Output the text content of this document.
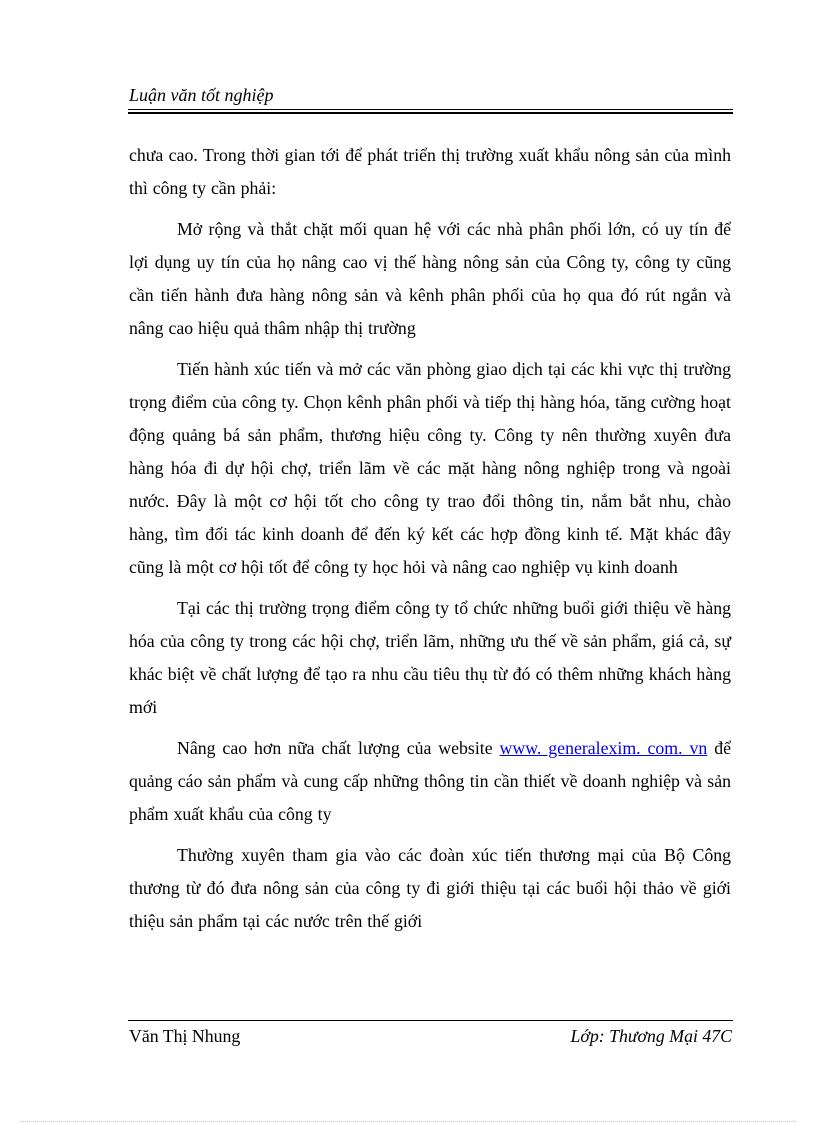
Luận văn tốt nghiệp

chưa cao. Trong thời gian tới để phát triển thị trường xuất khẩu nông sản của mình thì công ty cần phải:

Mở rộng và thắt chặt mối quan hệ với các nhà phân phối lớn, có uy tín để lợi dụng uy tín của họ nâng cao vị thế hàng nông sản của Công ty, công ty cũng cần tiến hành đưa hàng nông sản và kênh phân phối của họ qua đó rút ngắn và nâng cao hiệu quả thâm nhập thị trường

Tiến hành xúc tiến và mở các văn phòng giao dịch tại các khi vực thị trường trọng điểm của công ty. Chọn kênh phân phối và tiếp thị hàng hóa, tăng cường hoạt động quảng bá sản phẩm, thương hiệu công ty. Công ty nên thường xuyên đưa hàng hóa đi dự hội chợ, triển lãm về các mặt hàng nông nghiệp trong và ngoài nước. Đây là một cơ hội tốt cho công ty trao đổi thông tin, nắm bắt nhu, chào hàng, tìm đối tác kinh doanh để đến ký kết các hợp đồng kinh tế. Mặt khác đây cũng là một cơ hội tốt để công ty học hỏi và nâng cao nghiệp vụ kinh doanh

Tại các thị trường trọng điểm công ty tổ chức những buổi giới thiệu về hàng hóa của công ty trong các hội chợ, triển lãm, những ưu thế về sản phẩm, giá cả, sự khác biệt về chất lượng để tạo ra nhu cầu tiêu thụ từ đó có thêm những khách hàng mới

Nâng cao hơn nữa chất lượng của website www. generalexim. com. vn để quảng cáo sản phẩm và cung cấp những thông tin cần thiết về doanh nghiệp và sản phẩm xuất khẩu của công ty

Thường xuyên tham gia vào các đoàn xúc tiến thương mại của Bộ Công thương từ đó đưa nông sản của công ty đi giới thiệu tại các buổi hội thảo về giới thiệu sản phẩm tại các nước trên thế giới

Văn Thị Nhung	Lớp: Thương Mại 47C
